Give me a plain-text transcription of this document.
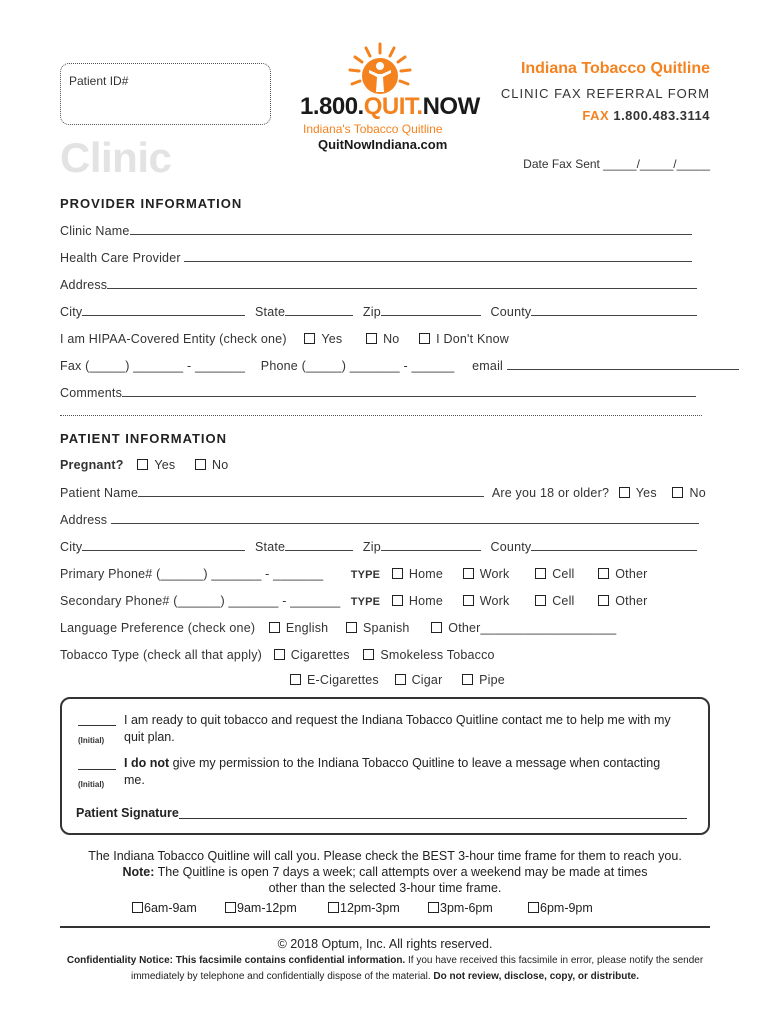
Patient ID#
Clinic
1.800.QUIT.NOW
Indiana's Tobacco Quitline
QuitNowIndiana.com
Indiana Tobacco Quitline
CLINIC FAX REFERRAL FORM
FAX 1.800.483.3114
Date Fax Sent _____/_____/_____
PROVIDER INFORMATION
Clinic Name
Health Care Provider
Address
City	State	Zip	County
I am HIPAA-Covered Entity (check one)	Yes	No	I Don't Know
Fax (_____) _______ - _______ Phone (_____) _______ - ______ email
Comments
PATIENT INFORMATION
Pregnant? Yes	No
Patient Name	Are you 18 or older? Yes	No
Address
City	State	Zip	County
Primary Phone# (______) _______ - _______ TYPE Home	Work	Cell	Other
Secondary Phone# (______) _______ - _______ TYPE Home	Work	Cell	Other
Language Preference (check one) English	Spanish	Other___________________
Tobacco Type (check all that apply) Cigarettes Smokeless Tobacco
E-Cigarettes	Cigar	Pipe
(Initial)
I am ready to quit tobacco and request the Indiana Tobacco Quitline contact me to help me with my quit plan.
(Initial)
I do not give my permission to the Indiana Tobacco Quitline to leave a message when contacting me.
Patient Signature
The Indiana Tobacco Quitline will call you. Please check the BEST 3-hour time frame for them to reach you.
Note: The Quitline is open 7 days a week; call attempts over a weekend may be made at times
other than the selected 3-hour time frame.
6am-9am	9am-12pm	12pm-3pm	3pm-6pm	6pm-9pm
© 2018 Optum, Inc. All rights reserved.
Confidentiality Notice: This facsimile contains confidential information. If you have received this facsimile in error, please notify the sender immediately by telephone and confidentially dispose of the material. Do not review, disclose, copy, or distribute.
